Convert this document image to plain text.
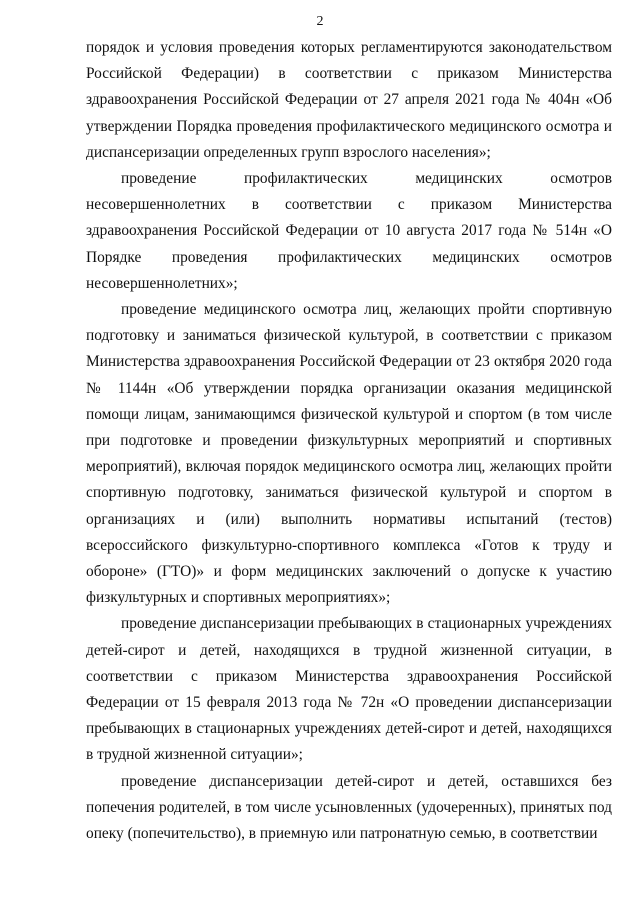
2

порядок и условия проведения которых регламентируются законодательством Российской Федерации) в соответствии с приказом Министерства здравоохранения Российской Федерации от 27 апреля 2021 года № 404н «Об утверждении Порядка проведения профилактического медицинского осмотра и диспансеризации определенных групп взрослого населения»;

проведение профилактических медицинских осмотров несовершеннолетних в соответствии с приказом Министерства здравоохранения Российской Федерации от 10 августа 2017 года № 514н «О Порядке проведения профилактических медицинских осмотров несовершеннолетних»;

проведение медицинского осмотра лиц, желающих пройти спортивную подготовку и заниматься физической культурой, в соответствии с приказом Министерства здравоохранения Российской Федерации от 23 октября 2020 года № 1144н «Об утверждении порядка организации оказания медицинской помощи лицам, занимающимся физической культурой и спортом (в том числе при подготовке и проведении физкультурных мероприятий и спортивных мероприятий), включая порядок медицинского осмотра лиц, желающих пройти спортивную подготовку, заниматься физической культурой и спортом в организациях и (или) выполнить нормативы испытаний (тестов) всероссийского физкультурно-спортивного комплекса «Готов к труду и обороне» (ГТО)» и форм медицинских заключений о допуске к участию физкультурных и спортивных мероприятиях»;

проведение диспансеризации пребывающих в стационарных учреждениях детей-сирот и детей, находящихся в трудной жизненной ситуации, в соответствии с приказом Министерства здравоохранения Российской Федерации от 15 февраля 2013 года № 72н «О проведении диспансеризации пребывающих в стационарных учреждениях детей-сирот и детей, находящихся в трудной жизненной ситуации»;

проведение диспансеризации детей-сирот и детей, оставшихся без попечения родителей, в том числе усыновленных (удочеренных), принятых под опеку (попечительство), в приемную или патронатную семью, в соответствии
